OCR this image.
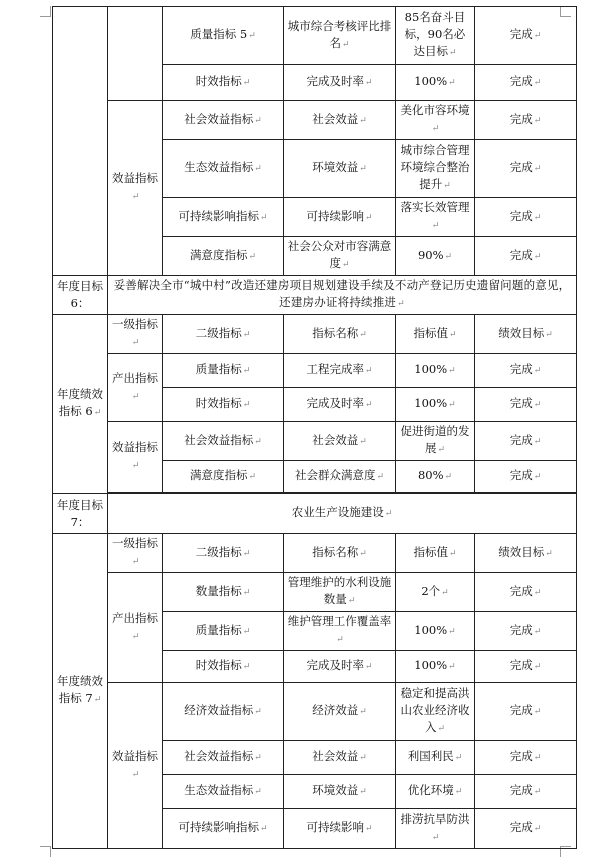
		质量指标 5 ↵	城市综合考核评比排名 ↵	85名奋斗目标，90名必达目标 ↵	完成 ↵
		时效指标 ↵	完成及时率 ↵	100% ↵	完成 ↵
	效益指标 ↵	社会效益指标 ↵	社会效益 ↵	美化市容环境 ↵	完成 ↵
		生态效益指标 ↵	环境效益 ↵	城市综合管理环境综合整治提升 ↵	完成 ↵
		可持续影响指标 ↵	可持续影响 ↵	落实长效管理 ↵	完成 ↵
		满意度指标 ↵	社会公众对市容满意度 ↵	90% ↵	完成 ↵
年度目标 6：	妥善解决全市“城中村”改造还建房项目规划建设手续及不动产登记历史遗留问题的意见，还建房办证将持续推进 ↵
年度绩效指标 6 ↵	一级指标 ↵	二级指标 ↵	指标名称 ↵	指标值 ↵	绩效目标 ↵
	产出指标 ↵	质量指标 ↵	工程完成率 ↵	100% ↵	完成 ↵
		时效指标 ↵	完成及时率 ↵	100% ↵	完成 ↵
	效益指标 ↵	社会效益指标 ↵	社会效益 ↵	促进街道的发展 ↵	完成 ↵
		满意度指标 ↵	社会群众满意度 ↵	80% ↵	完成 ↵

年度目标 7：	农业生产设施建设 ↵
年度绩效指标 7 ↵	一级指标 ↵	二级指标 ↵	指标名称 ↵	指标值 ↵	绩效目标 ↵
	产出指标 ↵	数量指标 ↵	管理维护的水利设施数量 ↵	2个 ↵	完成 ↵
		质量指标 ↵	维护管理工作覆盖率 ↵	100% ↵	完成 ↵
		时效指标 ↵	完成及时率 ↵	100% ↵	完成 ↵
	效益指标 ↵	经济效益指标 ↵	经济效益 ↵	稳定和提高洪山农业经济收入 ↵	完成 ↵
		社会效益指标 ↵	社会效益 ↵	利国利民 ↵	完成 ↵
		生态效益指标 ↵	环境效益 ↵	优化环境 ↵	完成 ↵
		可持续影响指标 ↵	可持续影响 ↵	排涝抗旱防洪 ↵	完成 ↵
